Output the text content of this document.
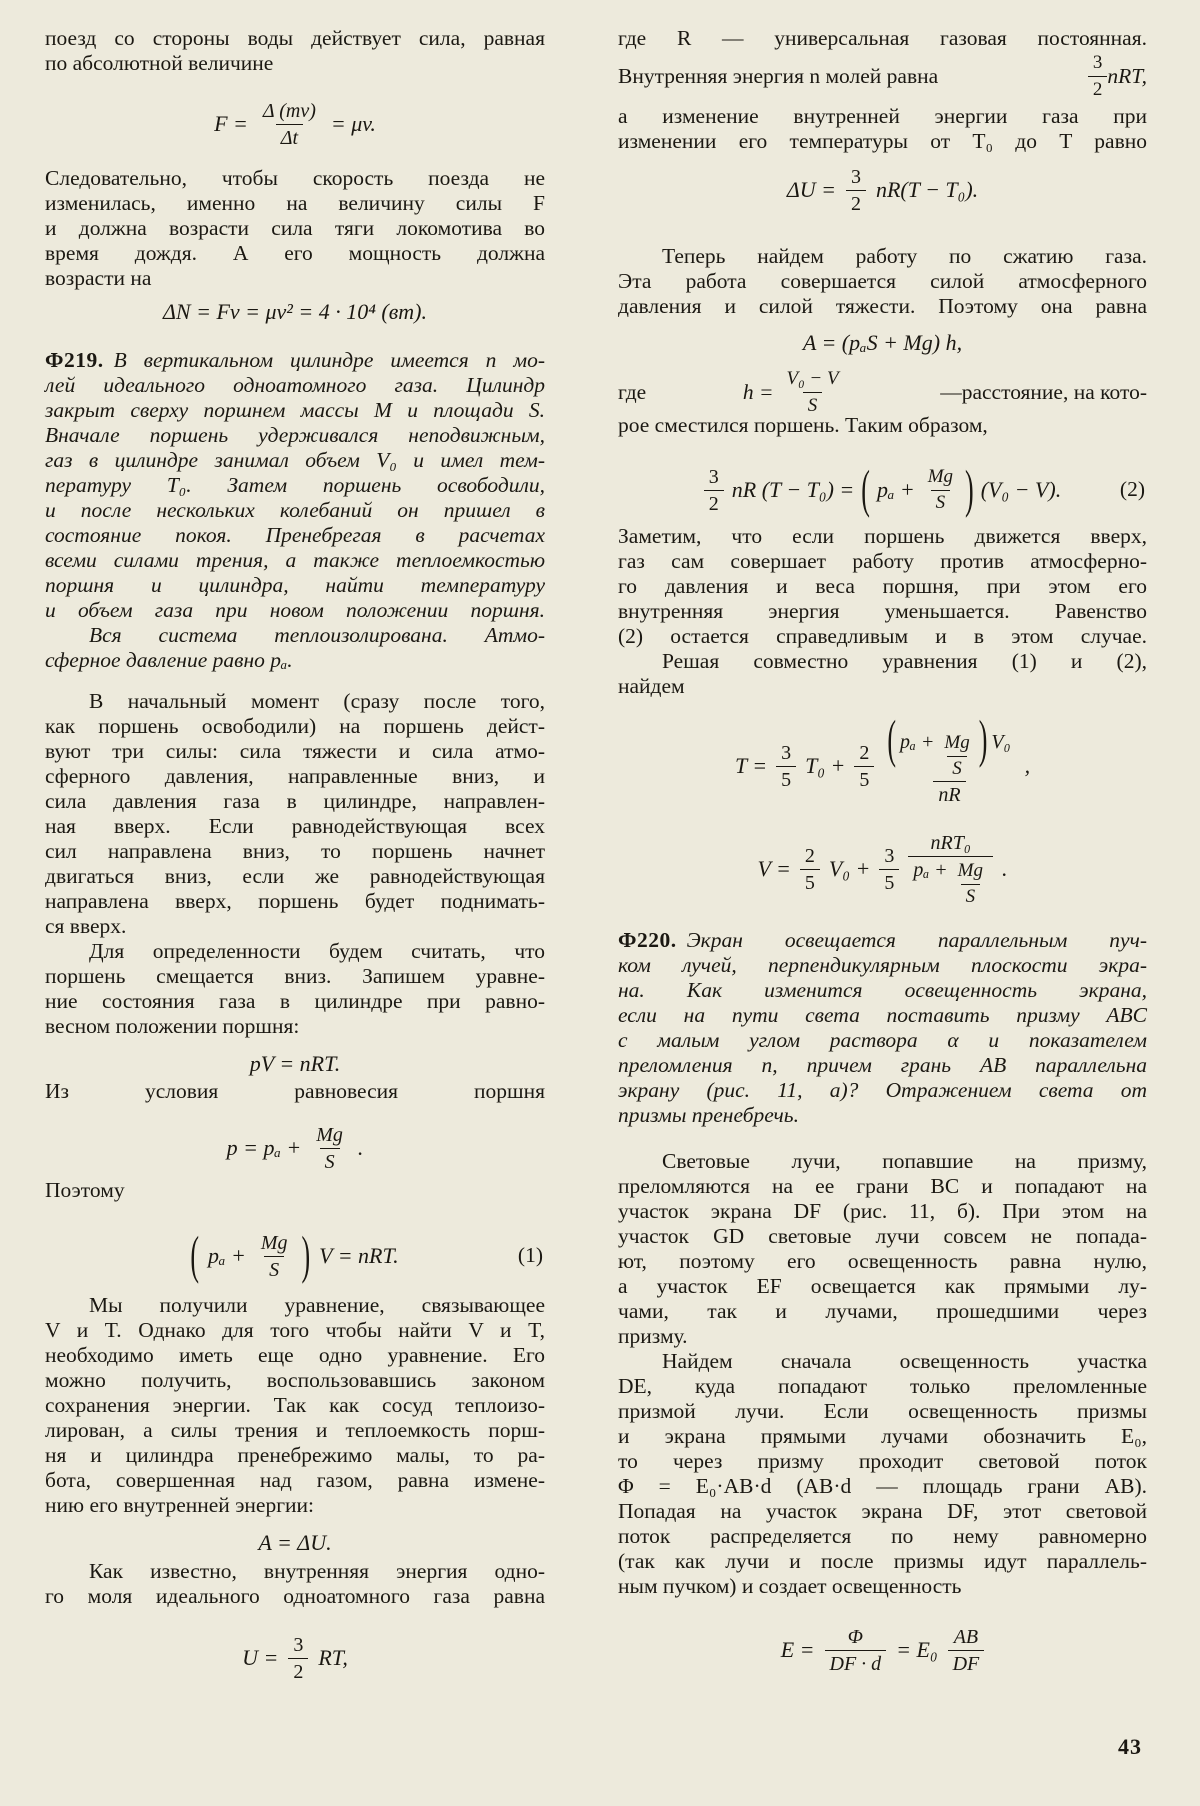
поезд со стороны воды действует сила, равная
по абсолютной величине
$F = \frac{\Delta (mv)}{\Delta t} = \mu v$.
Следовательно, чтобы скорость поезда не
изменилась, именно на величину силы F
и должна возрасти сила тяги локомотива во
время дождя. А его мощность должна
возрасти на
ΔN = Fv = μv² = 4 · 10⁴ (вт).
Ф219. В вертикальном цилиндре имеется n мо-
лей идеального одноатомного газа. Цилиндр
закрыт сверху поршнем массы M и площади S.
Вначале поршень удерживался неподвижным,
газ в цилиндре занимал объем V₀ и имел тем-
пературу T₀. Затем поршень освободили,
и после нескольких колебаний он пришел в
состояние покоя. Пренебрегая в расчетах
всеми силами трения, а также теплоемкостью
поршня и цилиндра, найти температуру
и объем газа при новом положении поршня.
Вся система теплоизолирована. Атмо-
сферное давление равно pₐ.
В начальный момент (сразу после того,
как поршень освободили) на поршень дейст-
вуют три силы: сила тяжести и сила атмо-
сферного давления, направленные вниз, и
сила давления газа в цилиндре, направлен-
ная вверх. Если равнодействующая всех
сил направлена вниз, то поршень начнет
двигаться вниз, если же равнодействующая
направлена вверх, поршень будет поднимать-
ся вверх.
Для определенности будем считать, что
поршень смещается вниз. Запишем уравне-
ние состояния газа в цилиндре при равно-
весном положении поршня:
pV = nRT.
Из условия равновесия поршня
$p = p_a + \frac{Mg}{S}$ .
Поэтому
( $p_a + \frac{Mg}{S}$ ) V = nRT.	(1)
Мы получили уравнение, связывающее
V и T. Однако для того чтобы найти V и T,
необходимо иметь еще одно уравнение. Его
можно получить, воспользовавшись законом
сохранения энергии. Так как сосуд теплоизо-
лирован, а силы трения и теплоемкость порш-
ня и цилиндра пренебрежимо малы, то ра-
бота, совершенная над газом, равна измене-
нию его внутренней энергии:
A = ΔU.
Как известно, внутренняя энергия одно-
го моля идеального одноатомного газа равна
$U = \frac{3}{2}$ RT,
где R — универсальная газовая постоянная.
Внутренняя энергия n молей равна	$\frac{3}{2}$ nRT,
а изменение внутренней энергии газа при
изменении его температуры от T₀ до T равно
$\Delta U = \frac{3}{2} nR(T - T_0)$.
Теперь найдем работу по сжатию газа.
Эта работа совершается силой атмосферного
давления и силой тяжести. Поэтому она равна
A = (pₐS + Mg) h,
где	$h = \frac{\text{V₀ − V}}{S}$	—расстояние, на кото-
рое сместился поршень. Таким образом,
$\frac{3}{2}$ nR (T − T₀) = ( $p_a + \frac{Mg}{S}$ ) (V₀ − V).	(2)
Заметим, что если поршень движется вверх,
газ сам совершает работу против атмосферно-
го давления и веса поршня, при этом его
внутренняя энергия уменьшается. Равенство
(2) остается справедливым и в этом случае.
Решая совместно уравнения (1) и (2),
найдем
$T = \frac{3}{5} T_0 + \frac{2}{5}$ ( $p_a + \frac{Mg}{S}$ ) V₀
nR
,
$V = \frac{2}{5} V_0 + \frac{3}{5} \frac{\text{nRT₀}}{p_a + \frac{Mg}{S}}$ .
Ф220. Экран освещается параллельным пуч-
ком лучей, перпендикулярным плоскости экра-
на. Как изменится освещенность экрана,
если на пути света поставить призму ABC
с малым углом раствора α и показателем
преломления n, причем грань AB параллельна
экрану (рис. 11, а)? Отражением света от
призмы пренебречь.
Световые лучи, попавшие на призму,
преломляются на ее грани BC и попадают на
участок экрана DF (рис. 11, б). При этом на
участок GD световые лучи совсем не попада-
ют, поэтому его освещенность равна нулю,
а участок EF освещается как прямыми лу-
чами, так и лучами, прошедшими через
призму.
Найдем сначала освещенность участка
DE, куда попадают только преломленные
призмой лучи. Если освещенность призмы
и экрана прямыми лучами обозначить E₀,
то через призму проходит световой поток
Φ = E₀·AB·d (AB·d — площадь грани AB).
Попадая на участок экрана DF, этот световой
поток распределяется по нему равномерно
(так как лучи и после призмы идут параллель-
ным пучком) и создает освещенность
$E = \frac{\Phi}{DF \cdot d} = E_0 \frac{AB}{DF}$
43
